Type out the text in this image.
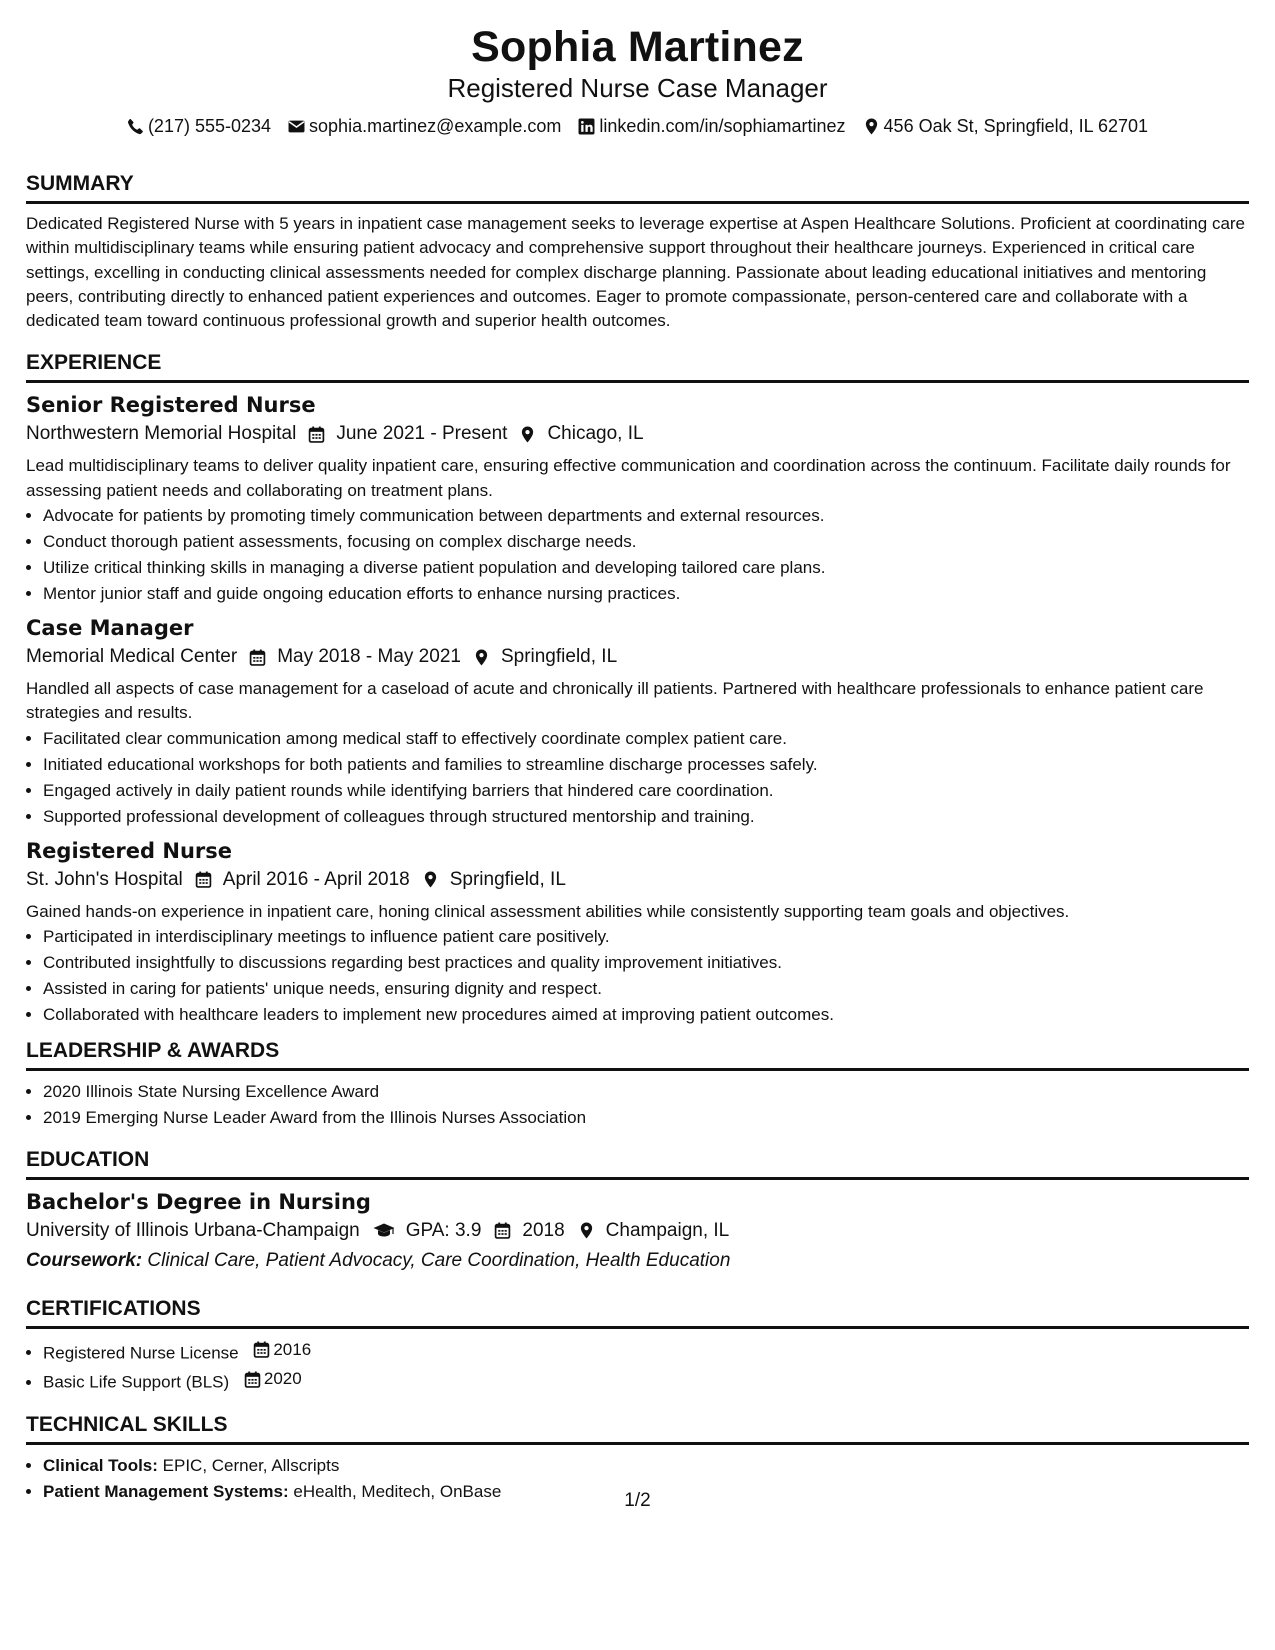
Sophia Martinez
Registered Nurse Case Manager
(217) 555-0234 sophia.martinez@example.com linkedin.com/in/sophiamartinez 456 Oak St, Springfield, IL 62701
SUMMARY
Dedicated Registered Nurse with 5 years in inpatient case management seeks to leverage expertise at Aspen Healthcare Solutions. Proficient at coordinating care within multidisciplinary teams while ensuring patient advocacy and comprehensive support throughout their healthcare journeys. Experienced in critical care settings, excelling in conducting clinical assessments needed for complex discharge planning. Passionate about leading educational initiatives and mentoring peers, contributing directly to enhanced patient experiences and outcomes. Eager to promote compassionate, person-centered care and collaborate with a dedicated team toward continuous professional growth and superior health outcomes.
EXPERIENCE
Senior Registered Nurse
Northwestern Memorial Hospital June 2021 - Present Chicago, IL
Lead multidisciplinary teams to deliver quality inpatient care, ensuring effective communication and coordination across the continuum. Facilitate daily rounds for assessing patient needs and collaborating on treatment plans.
• Advocate for patients by promoting timely communication between departments and external resources.
• Conduct thorough patient assessments, focusing on complex discharge needs.
• Utilize critical thinking skills in managing a diverse patient population and developing tailored care plans.
• Mentor junior staff and guide ongoing education efforts to enhance nursing practices.
Case Manager
Memorial Medical Center May 2018 - May 2021 Springfield, IL
Handled all aspects of case management for a caseload of acute and chronically ill patients. Partnered with healthcare professionals to enhance patient care strategies and results.
• Facilitated clear communication among medical staff to effectively coordinate complex patient care.
• Initiated educational workshops for both patients and families to streamline discharge processes safely.
• Engaged actively in daily patient rounds while identifying barriers that hindered care coordination.
• Supported professional development of colleagues through structured mentorship and training.
Registered Nurse
St. John's Hospital April 2016 - April 2018 Springfield, IL
Gained hands-on experience in inpatient care, honing clinical assessment abilities while consistently supporting team goals and objectives.
• Participated in interdisciplinary meetings to influence patient care positively.
• Contributed insightfully to discussions regarding best practices and quality improvement initiatives.
• Assisted in caring for patients' unique needs, ensuring dignity and respect.
• Collaborated with healthcare leaders to implement new procedures aimed at improving patient outcomes.
LEADERSHIP & AWARDS
• 2020 Illinois State Nursing Excellence Award
• 2019 Emerging Nurse Leader Award from the Illinois Nurses Association
EDUCATION
Bachelor's Degree in Nursing
University of Illinois Urbana-Champaign GPA: 3.9 2018 Champaign, IL
Coursework: Clinical Care, Patient Advocacy, Care Coordination, Health Education
CERTIFICATIONS
• Registered Nurse License 2016
• Basic Life Support (BLS) 2020
TECHNICAL SKILLS
• Clinical Tools: EPIC, Cerner, Allscripts
• Patient Management Systems: eHealth, Meditech, OnBase	1/2
